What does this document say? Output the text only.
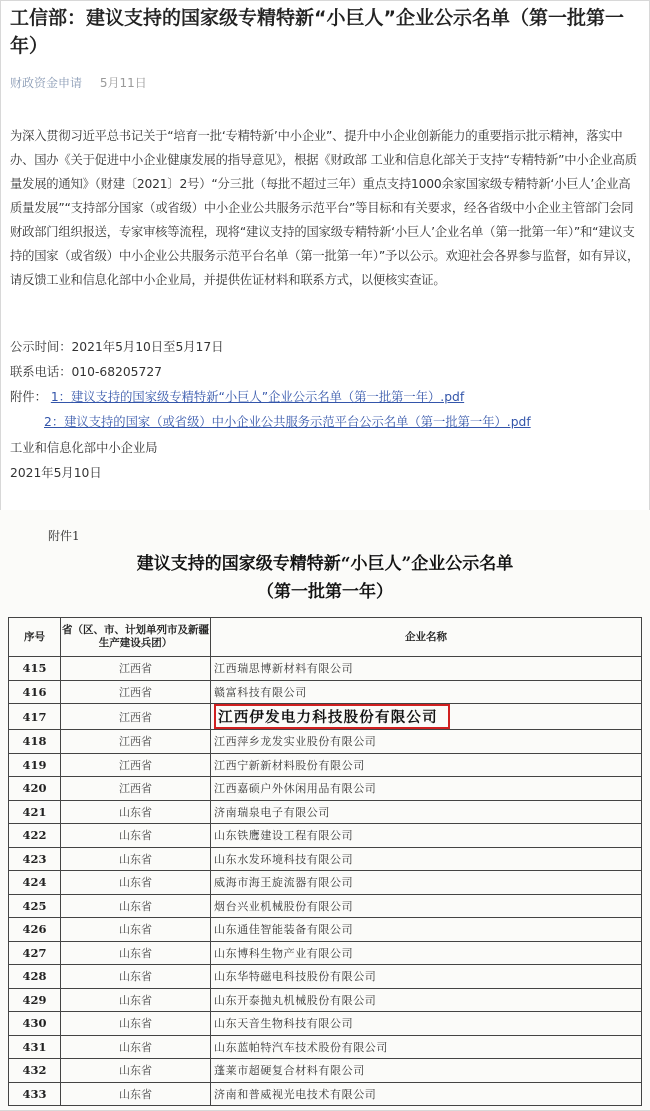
工信部：建议支持的国家级专精特新“小巨人”企业公示名单（第一批第一年）
财政资金申请 5月11日
为深入贯彻习近平总书记关于“培育一批‘专精特新’中小企业”、提升中小企业创新能力的重要指示批示精神，落实中办、国办《关于促进中小企业健康发展的指导意见》，根据《财政部 工业和信息化部关于支持“专精特新”中小企业高质量发展的通知》（财建〔2021〕2号）“分三批（每批不超过三年）重点支持1000余家国家级专精特新‘小巨人’企业高质量发展”“支持部分国家（或省级）中小企业公共服务示范平台”等目标和有关要求，经各省级中小企业主管部门会同财政部门组织报送，专家审核等流程，现将“建议支持的国家级专精特新‘小巨人’企业名单（第一批第一年）”和“建议支持的国家（或省级）中小企业公共服务示范平台名单（第一批第一年）”予以公示。欢迎社会各界参与监督，如有异议，请反馈工业和信息化部中小企业局，并提供佐证材料和联系方式，以便核实查证。
公示时间：2021年5月10日至5月17日
联系电话：010-68205727
附件： 1：建议支持的国家级专精特新“小巨人”企业公示名单（第一批第一年）.pdf
2：建议支持的国家（或省级）中小企业公共服务示范平台公示名单（第一批第一年）.pdf
工业和信息化部中小企业局
2021年5月10日
附件1
建议支持的国家级专精特新“小巨人”企业公示名单
（第一批第一年）
序号	省（区、市、计划单列市及新疆生产建设兵团）	企业名称
415	江西省	江西瑞思博新材料有限公司
416	江西省	赣富科技有限公司
417	江西省	江西伊发电力科技股份有限公司
418	江西省	江西萍乡龙发实业股份有限公司
419	江西省	江西宁新新材料股份有限公司
420	江西省	江西嘉硕户外休闲用品有限公司
421	山东省	济南瑞泉电子有限公司
422	山东省	山东铁鹰建设工程有限公司
423	山东省	山东水发环境科技有限公司
424	山东省	威海市海王旋流器有限公司
425	山东省	烟台兴业机械股份有限公司
426	山东省	山东通佳智能装备有限公司
427	山东省	山东博科生物产业有限公司
428	山东省	山东华特磁电科技股份有限公司
429	山东省	山东开泰抛丸机械股份有限公司
430	山东省	山东天音生物科技有限公司
431	山东省	山东蓝帕特汽车技术股份有限公司
432	山东省	蓬莱市超硬复合材料有限公司
433	山东省	济南和普威视光电技术有限公司
